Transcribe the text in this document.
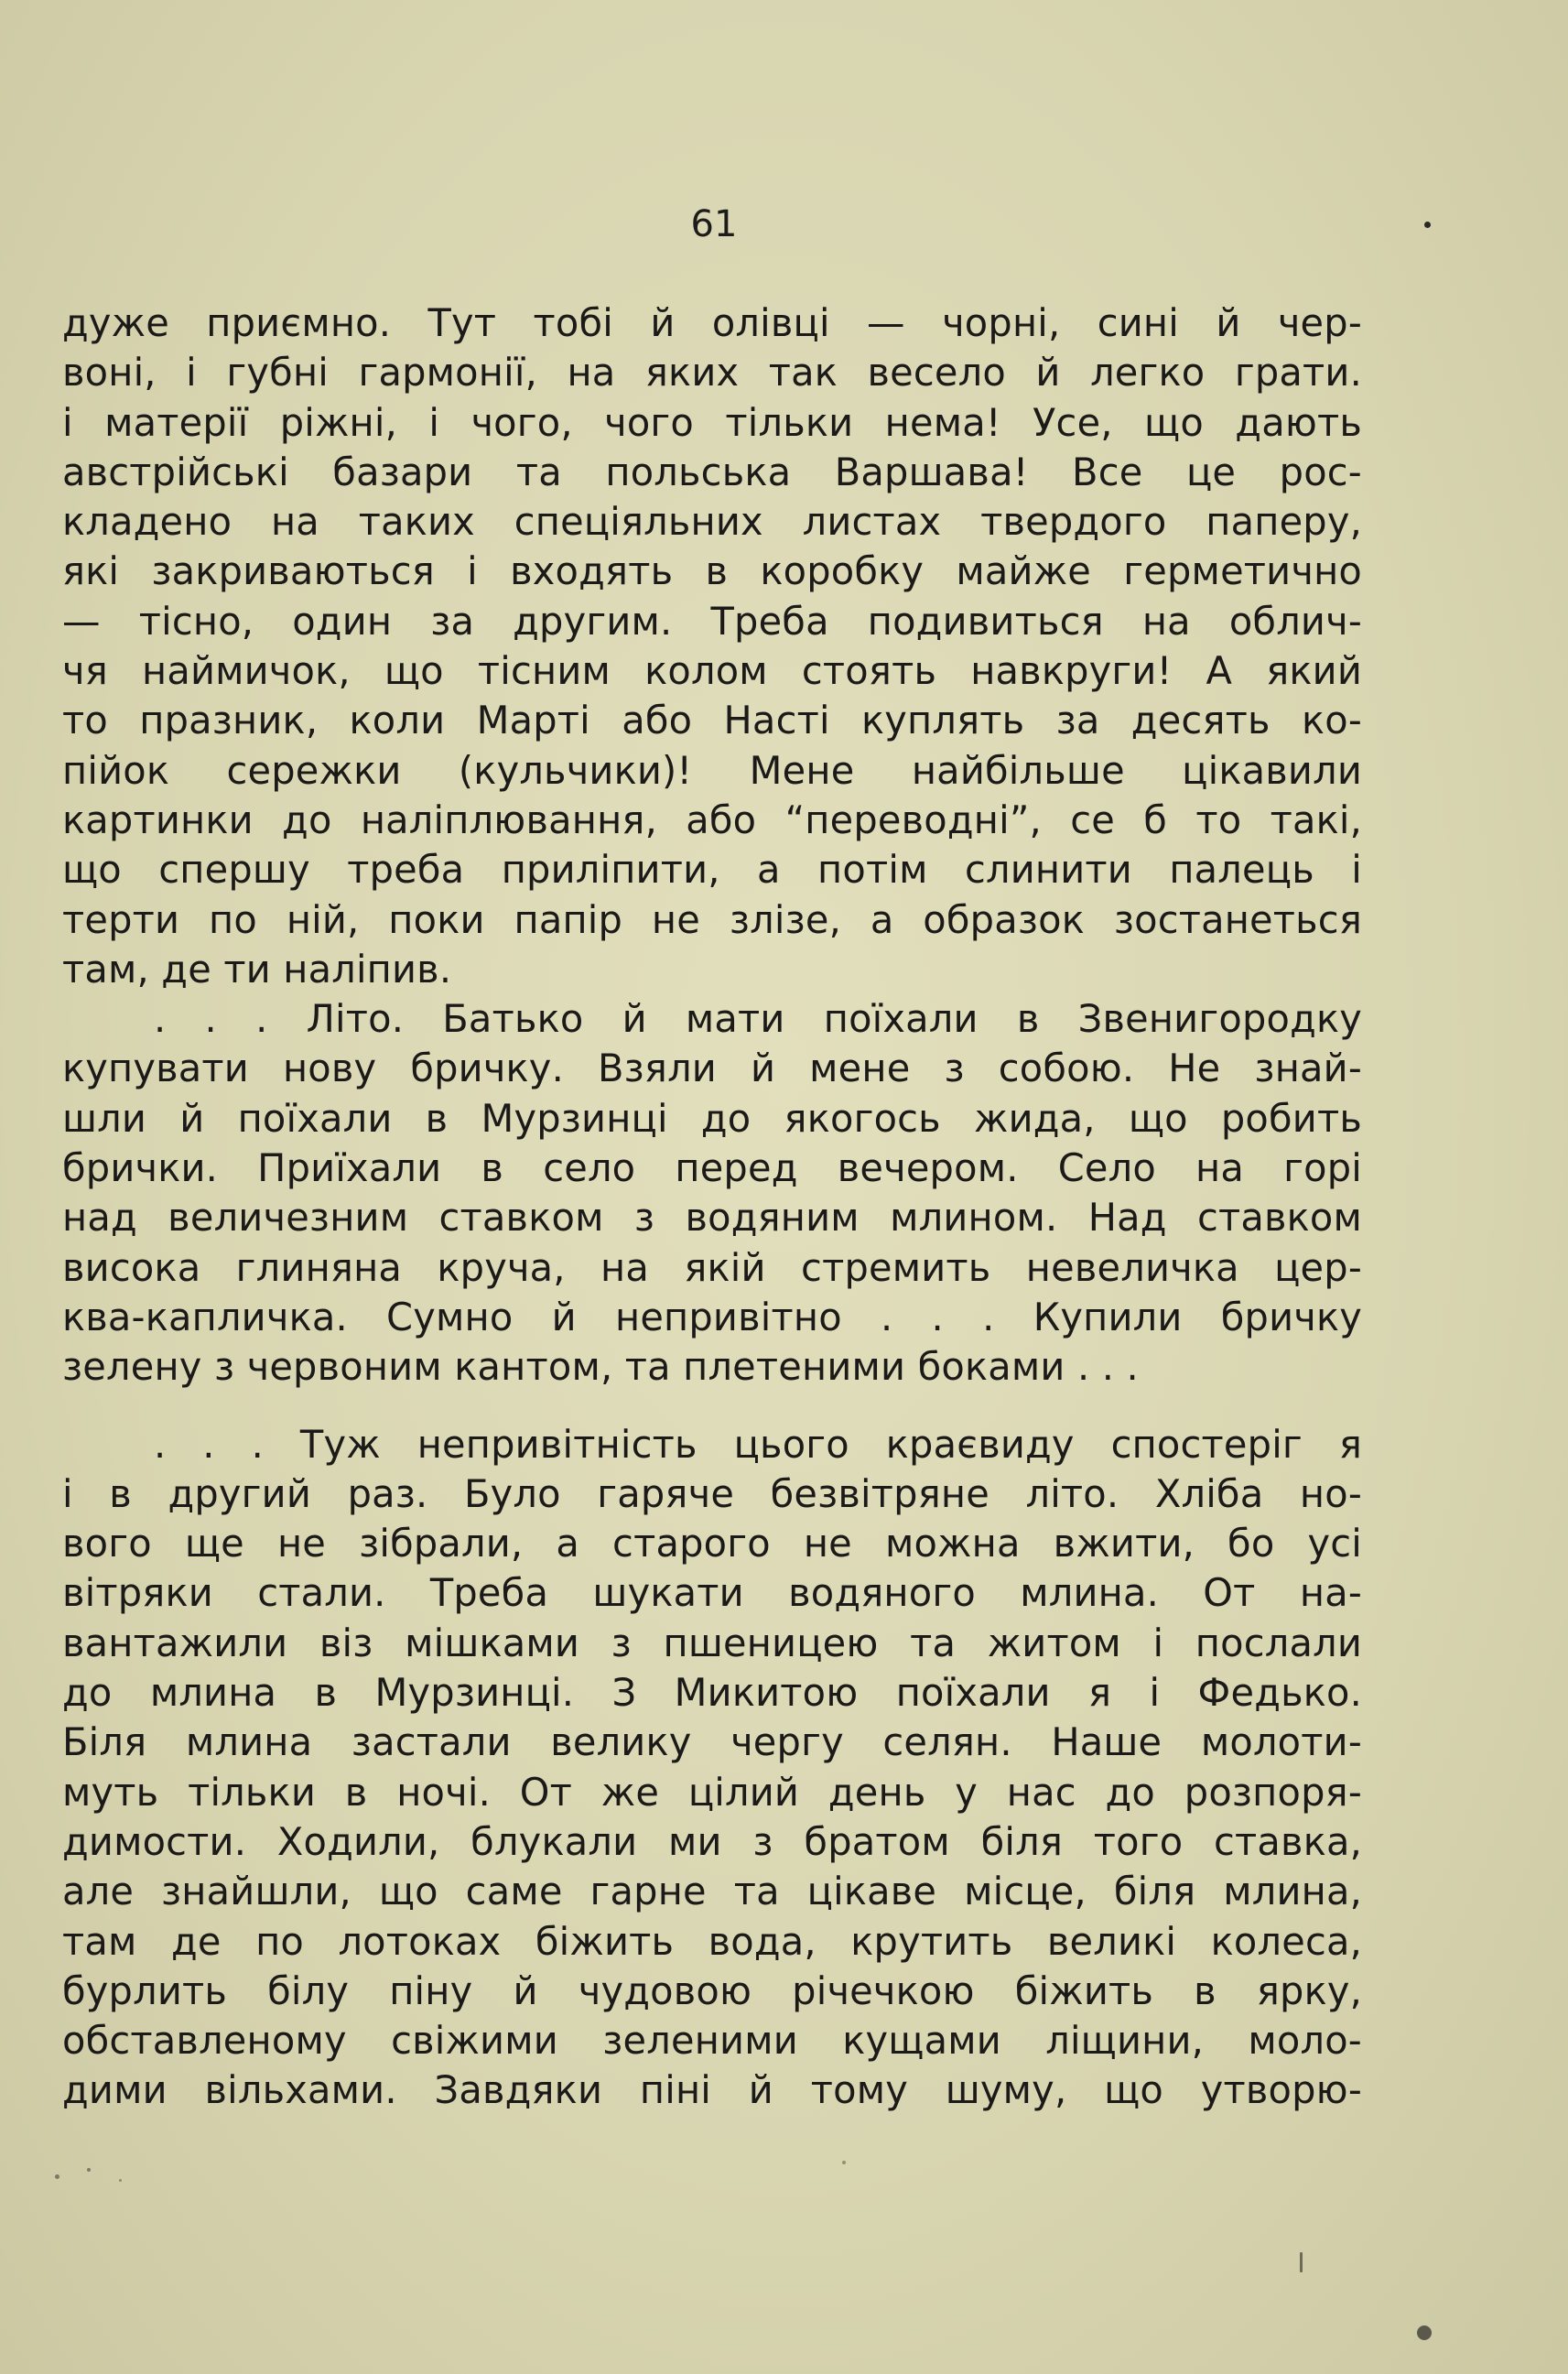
61
дуже приємно. Тут тобі й олівці — чорні, сині й чер-
воні, і губні гармонії, на яких так весело й легко грати.
і матерії ріжні, і чого, чого тільки нема! Усе, що дають
австрійські базари та польська Варшава! Все це рос-
кладено на таких спеціяльних листах твердого паперу,
які закриваються і входять в коробку майже герметично
— тісно, один за другим. Треба подивиться на облич-
чя наймичок, що тісним колом стоять навкруги! А який
то празник, коли Марті або Насті куплять за десять ко-
пійок сережки (кульчики)! Мене найбільше цікавили
картинки до наліплювання, або “переводні”, се б то такі,
що спершу треба приліпити, а потім слинити палець і
терти по ній, поки папір не злізе, а образок зостанеться
там, де ти наліпив.
. . . Літо. Батько й мати поїхали в Звенигородку
купувати нову бричку. Взяли й мене з собою. Не знай-
шли й поїхали в Мурзинці до якогось жида, що робить
брички. Приїхали в село перед вечером. Село на горі
над величезним ставком з водяним млином. Над ставком
висока глиняна круча, на якій стремить невеличка цер-
ква-капличка. Сумно й непривітно . . . Купили бричку
зелену з червоним кантом, та плетеними боками . . .
. . . Туж непривітність цього краєвиду спостеріг я
і в другий раз. Було гаряче безвітряне літо. Хліба но-
вого ще не зібрали, а старого не можна вжити, бо усі
вітряки стали. Треба шукати водяного млина. От на-
вантажили віз мішками з пшеницею та житом і послали
до млина в Мурзинці. З Микитою поїхали я і Федько.
Біля млина застали велику чергу селян. Наше молоти-
муть тільки в ночі. От же цілий день у нас до розпоря-
димости. Ходили, блукали ми з братом біля того ставка,
але знайшли, що саме гарне та цікаве місце, біля млина,
там де по лотоках біжить вода, крутить великі колеса,
бурлить білу піну й чудовою річечкою біжить в ярку,
обставленому свіжими зеленими кущами ліщини, моло-
дими вільхами. Завдяки піні й тому шуму, що утворю-
